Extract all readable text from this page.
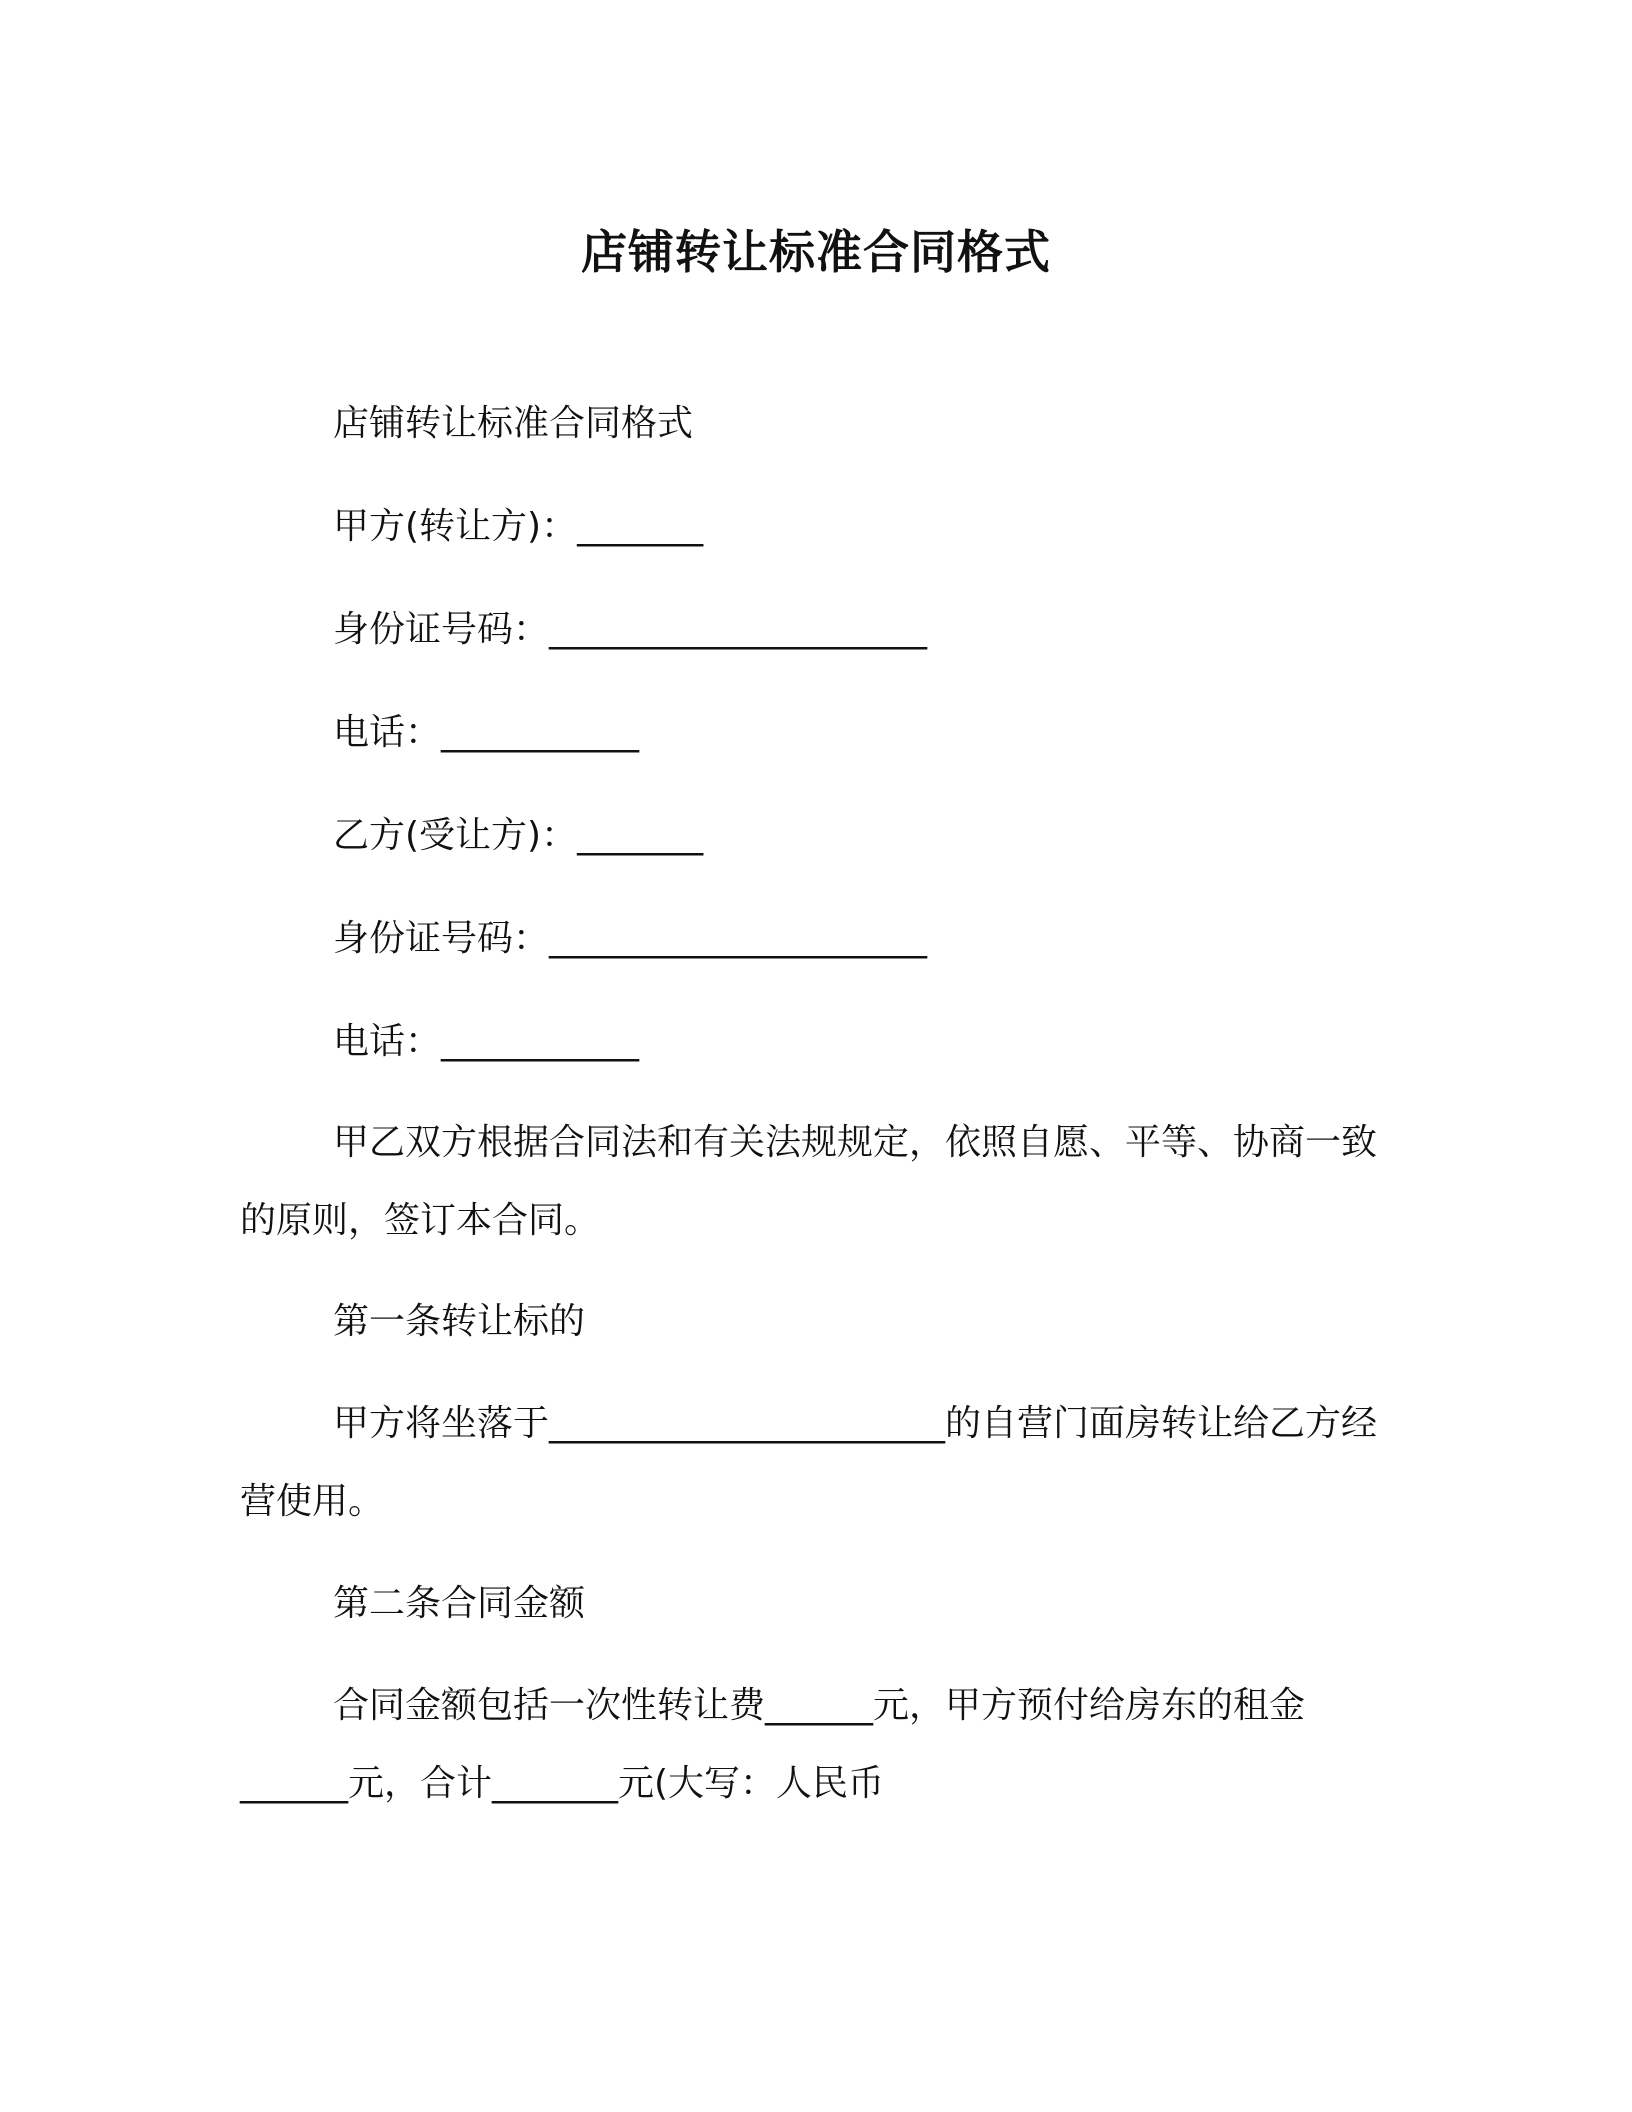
店铺转让标准合同格式
店铺转让标准合同格式
甲方(转让方)：_______
身份证号码：_____________________
电话：___________
乙方(受让方)：_______
身份证号码：_____________________
电话：___________
甲乙双方根据合同法和有关法规规定，依照自愿、平等、协商一致的原则，签订本合同。
第一条转让标的
甲方将坐落于______________________的自营门面房转让给乙方经营使用。
第二条合同金额
合同金额包括一次性转让费______元，甲方预付给房东的租金______元，合计_______元(大写：人民币
